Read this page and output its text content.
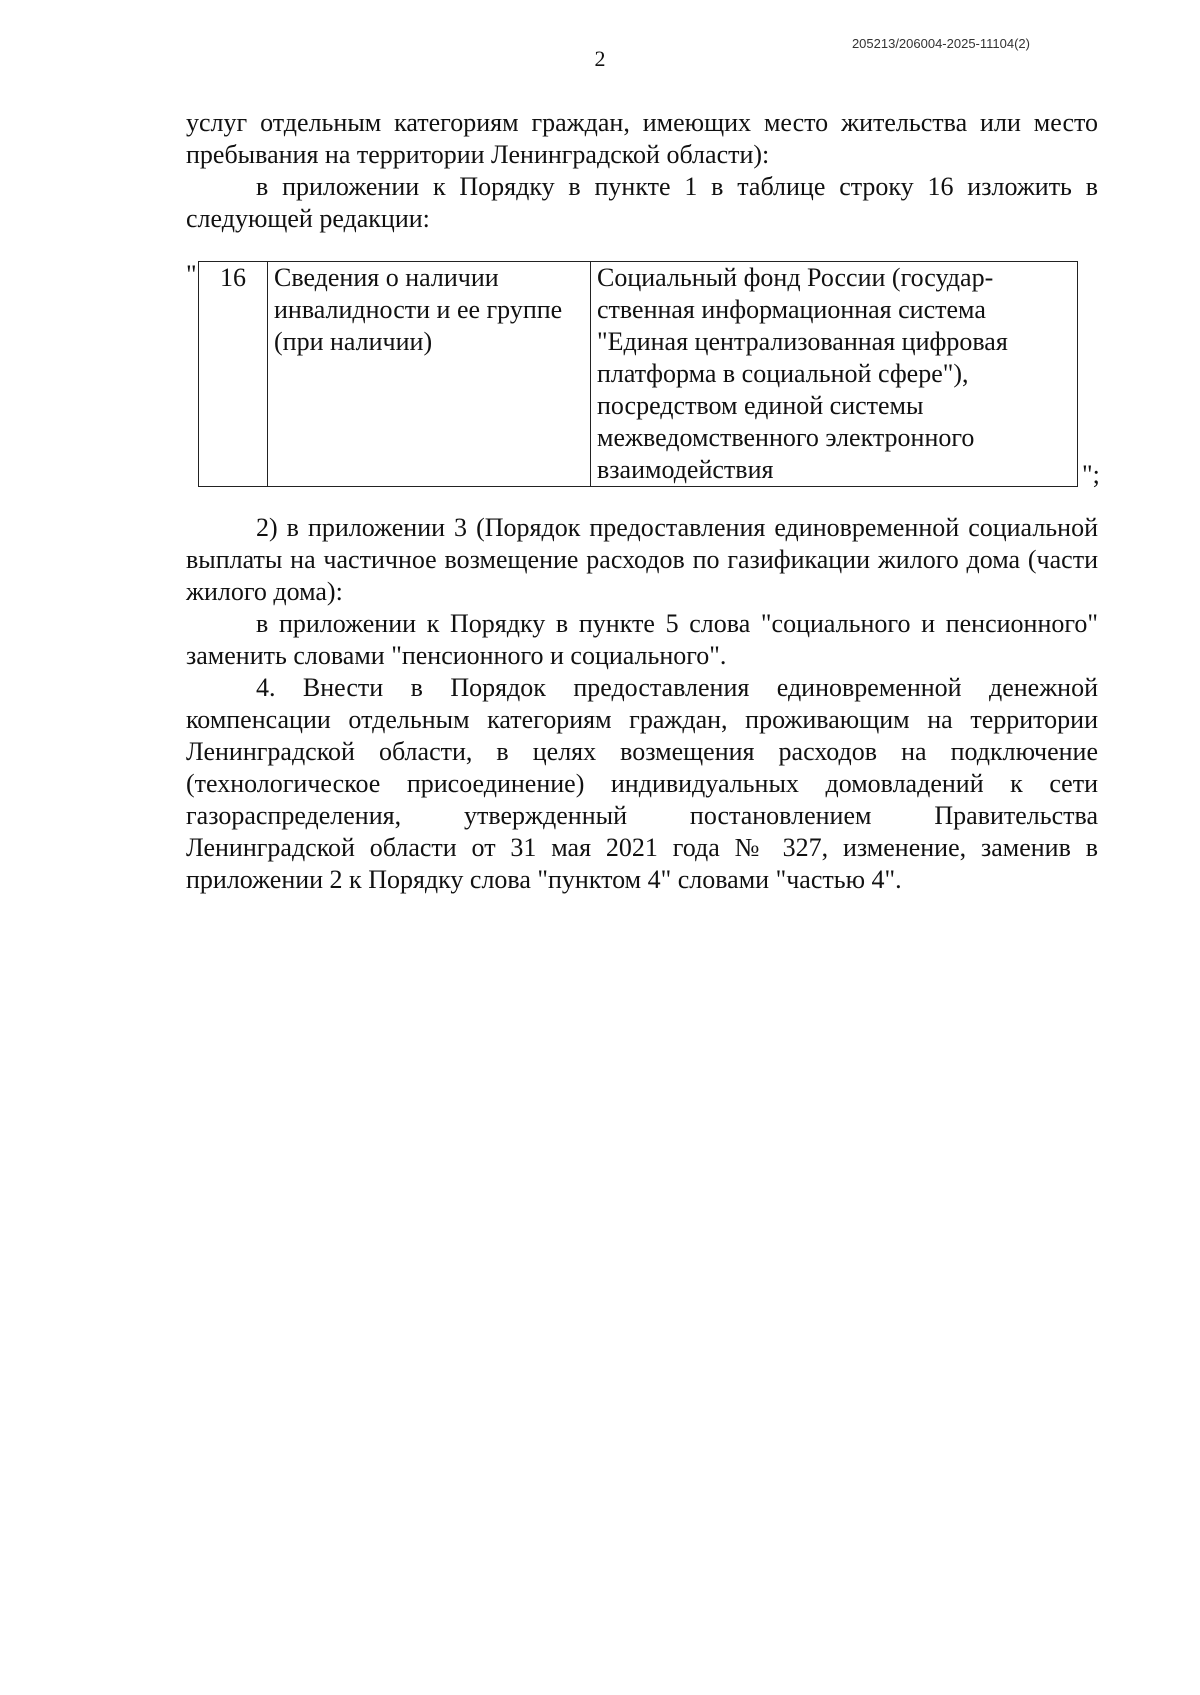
205213/206004-2025-11104(2)
2

услуг отдельным категориям граждан, имеющих место жительства или место пребывания на территории Ленинградской области):

в приложении к Порядку в пункте 1 в таблице строку 16 изложить в следующей редакции:

" 16	Сведения о наличии инвалидности и ее группе (при наличии)	Социальный фонд России (государ-ственная информационная система "Единая централизованная цифровая платформа в социальной сфере"), посредством единой системы межведомственного электронного взаимодействия	";

2) в приложении 3 (Порядок предоставления единовременной социальной выплаты на частичное возмещение расходов по газификации жилого дома (части жилого дома):

в приложении к Порядку в пункте 5 слова "социального и пенсионного" заменить словами "пенсионного и социального".

4. Внести в Порядок предоставления единовременной денежной компенсации отдельным категориям граждан, проживающим на территории Ленинградской области, в целях возмещения расходов на подключение (технологическое присоединение) индивидуальных домовладений к сети газораспределения, утвержденный постановлением Правительства Ленинградской области от 31 мая 2021 года № 327, изменение, заменив в приложении 2 к Порядку слова "пунктом 4" словами "частью 4".
